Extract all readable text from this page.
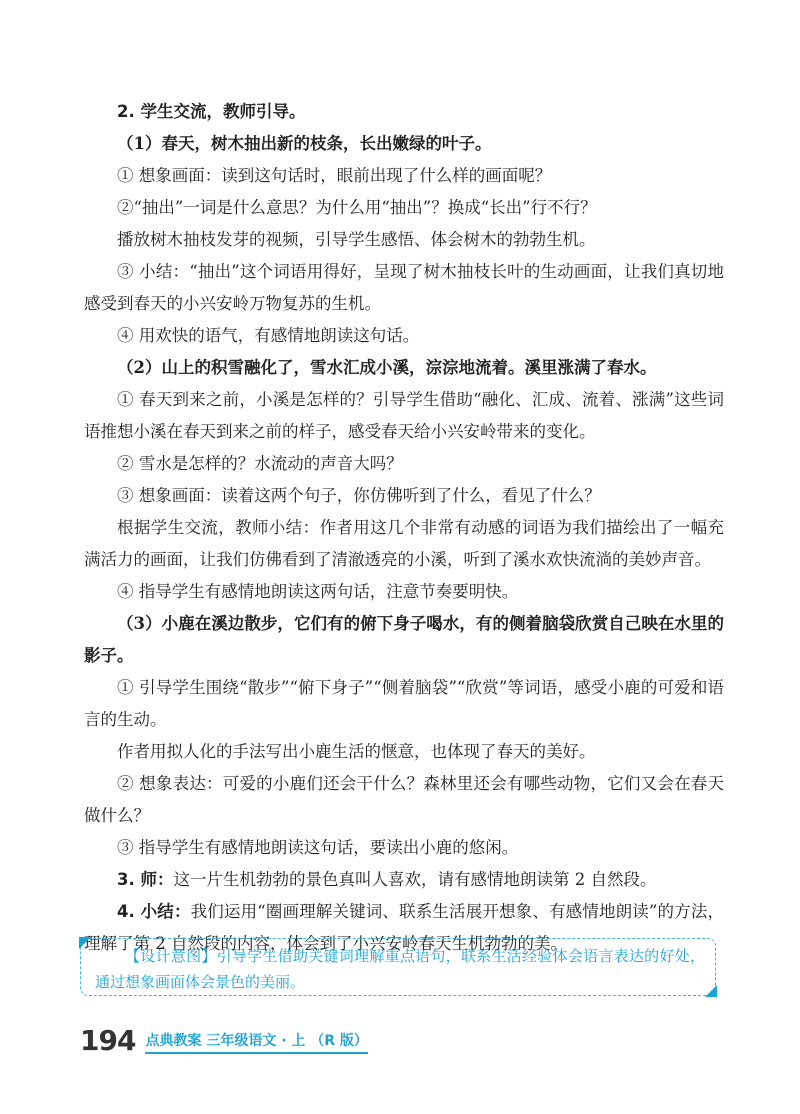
2. 学生交流，教师引导。

（1）春天，树木抽出新的枝条，长出嫩绿的叶子。

① 想象画面：读到这句话时，眼前出现了什么样的画面呢？

②“抽出”一词是什么意思？为什么用“抽出”？换成“长出”行不行？

播放树木抽枝发芽的视频，引导学生感悟、体会树木的勃勃生机。

③ 小结：“抽出”这个词语用得好，呈现了树木抽枝长叶的生动画面，让我们真切地感受到春天的小兴安岭万物复苏的生机。

④ 用欢快的语气，有感情地朗读这句话。

（2）山上的积雪融化了，雪水汇成小溪，淙淙地流着。溪里涨满了春水。

① 春天到来之前，小溪是怎样的？引导学生借助“融化、汇成、流着、涨满”这些词语推想小溪在春天到来之前的样子，感受春天给小兴安岭带来的变化。

② 雪水是怎样的？水流动的声音大吗？

③ 想象画面：读着这两个句子，你仿佛听到了什么，看见了什么？

根据学生交流，教师小结：作者用这几个非常有动感的词语为我们描绘出了一幅充满活力的画面，让我们仿佛看到了清澈透亮的小溪，听到了溪水欢快流淌的美妙声音。

④ 指导学生有感情地朗读这两句话，注意节奏要明快。

（3）小鹿在溪边散步，它们有的俯下身子喝水，有的侧着脑袋欣赏自己映在水里的影子。

① 引导学生围绕“散步”“俯下身子”“侧着脑袋”“欣赏”等词语，感受小鹿的可爱和语言的生动。

作者用拟人化的手法写出小鹿生活的惬意，也体现了春天的美好。

② 想象表达：可爱的小鹿们还会干什么？森林里还会有哪些动物，它们又会在春天做什么？

③ 指导学生有感情地朗读这句话，要读出小鹿的悠闲。

3. 师：这一片生机勃勃的景色真叫人喜欢，请有感情地朗读第 2 自然段。

4. 小结：我们运用“圈画理解关键词、联系生活展开想象、有感情地朗读”的方法，理解了第 2 自然段的内容，体会到了小兴安岭春天生机勃勃的美。

【设计意图】引导学生借助关键词理解重点语句，联系生活经验体会语言表达的好处，通过想象画面体会景色的美丽。

194 点典教案 三年级语文 · 上 （R 版）
